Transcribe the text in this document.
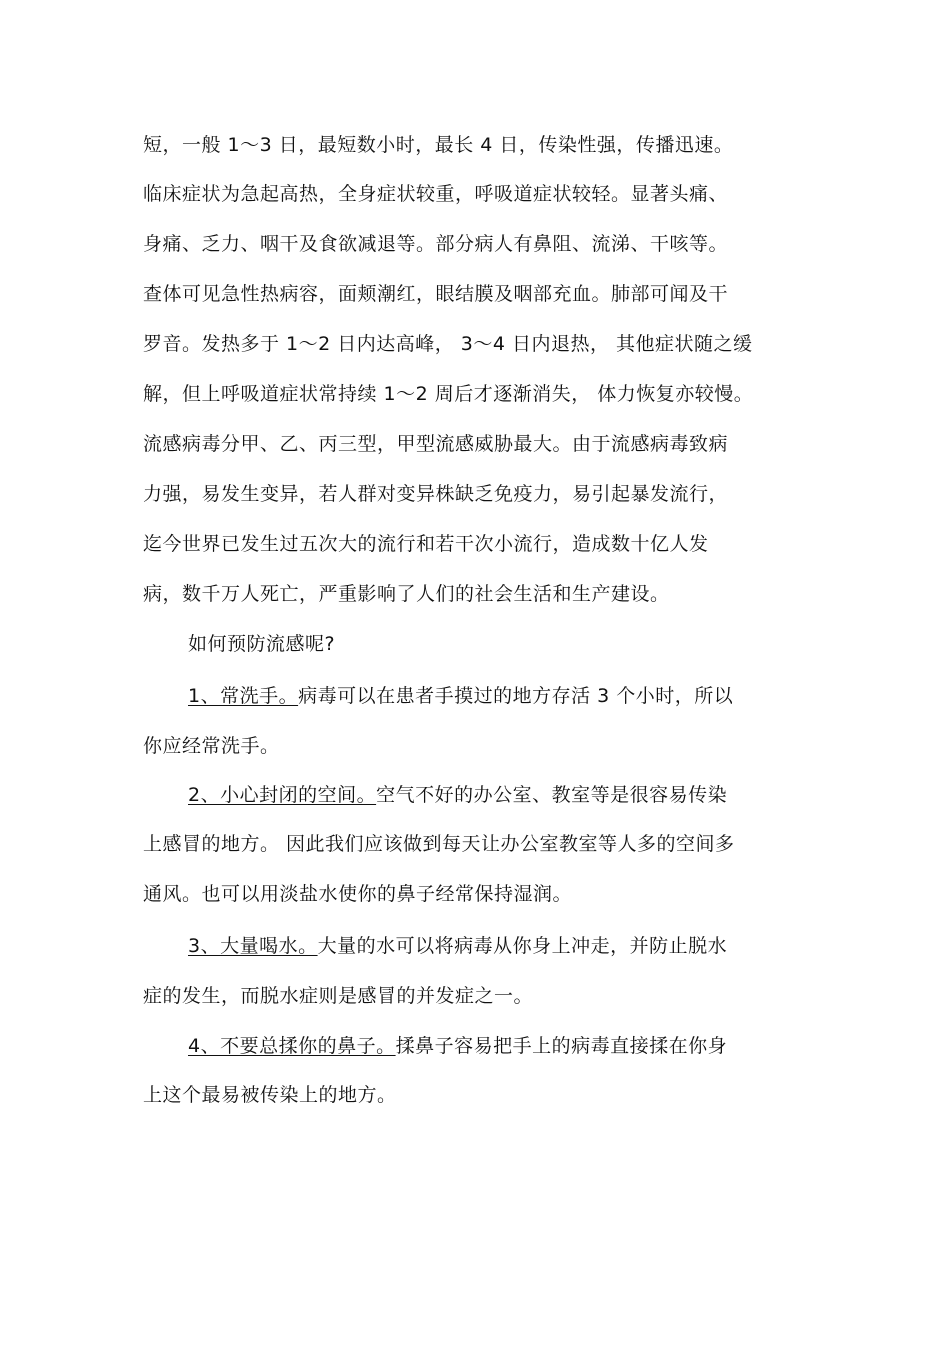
短，一般 1～3 日，最短数小时，最长 4 日，传染性强，传播迅速。
临床症状为急起高热，全身症状较重，呼吸道症状较轻。显著头痛、
身痛、乏力、咽干及食欲减退等。部分病人有鼻阻、流涕、干咳等。
查体可见急性热病容，面颊潮红，眼结膜及咽部充血。肺部可闻及干
罗音。发热多于 1～2 日内达高峰， 3～4 日内退热， 其他症状随之缓
解，但上呼吸道症状常持续 1～2 周后才逐渐消失， 体力恢复亦较慢。
流感病毒分甲、乙、丙三型，甲型流感威胁最大。由于流感病毒致病
力强，易发生变异，若人群对变异株缺乏免疫力，易引起暴发流行，
迄今世界已发生过五次大的流行和若干次小流行，造成数十亿人发
病，数千万人死亡，严重影响了人们的社会生活和生产建设。
如何预防流感呢?
1、常洗手。病毒可以在患者手摸过的地方存活 3 个小时，所以
你应经常洗手。
2、小心封闭的空间。空气不好的办公室、教室等是很容易传染
上感冒的地方。 因此我们应该做到每天让办公室教室等人多的空间多
通风。也可以用淡盐水使你的鼻子经常保持湿润。
3、大量喝水。大量的水可以将病毒从你身上冲走，并防止脱水
症的发生，而脱水症则是感冒的并发症之一。
4、不要总揉你的鼻子。揉鼻子容易把手上的病毒直接揉在你身
上这个最易被传染上的地方。
